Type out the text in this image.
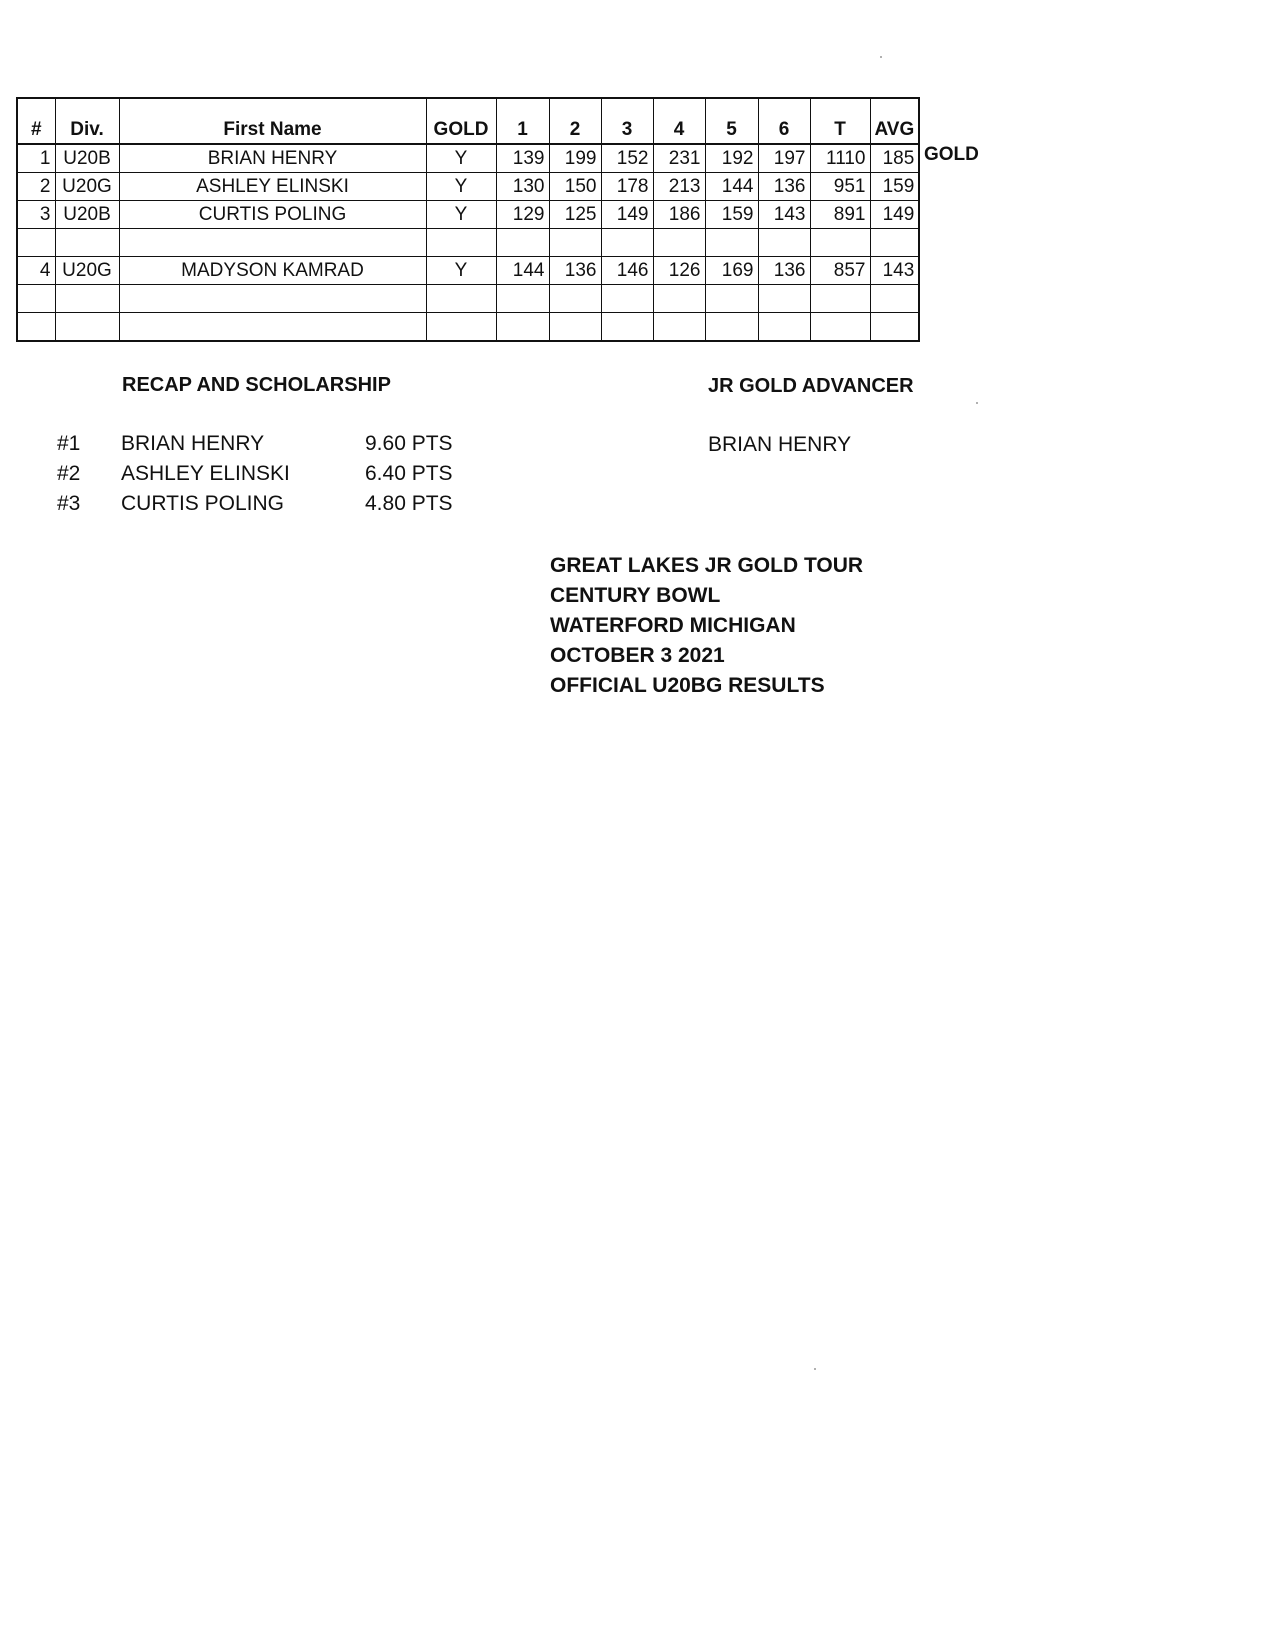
#	Div.	First Name	GOLD	1	2	3	4	5	6	T	AVG
1	U20B	BRIAN HENRY	Y	139	199	152	231	192	197	1110	185
2	U20G	ASHLEY ELINSKI	Y	130	150	178	213	144	136	951	159
3	U20B	CURTIS POLING	Y	129	125	149	186	159	143	891	149

4	U20G	MADYSON KAMRAD	Y	144	136	146	126	169	136	857	143

GOLD
RECAP AND SCHOLARSHIP	JR GOLD ADVANCER
#1 BRIAN HENRY	9.60 PTS
#2 ASHLEY ELINSKI	6.40 PTS
#3 CURTIS POLING	4.80 PTS
BRIAN HENRY
GREAT LAKES JR GOLD TOUR
CENTURY BOWL
WATERFORD MICHIGAN
OCTOBER 3 2021
OFFICIAL U20BG RESULTS
